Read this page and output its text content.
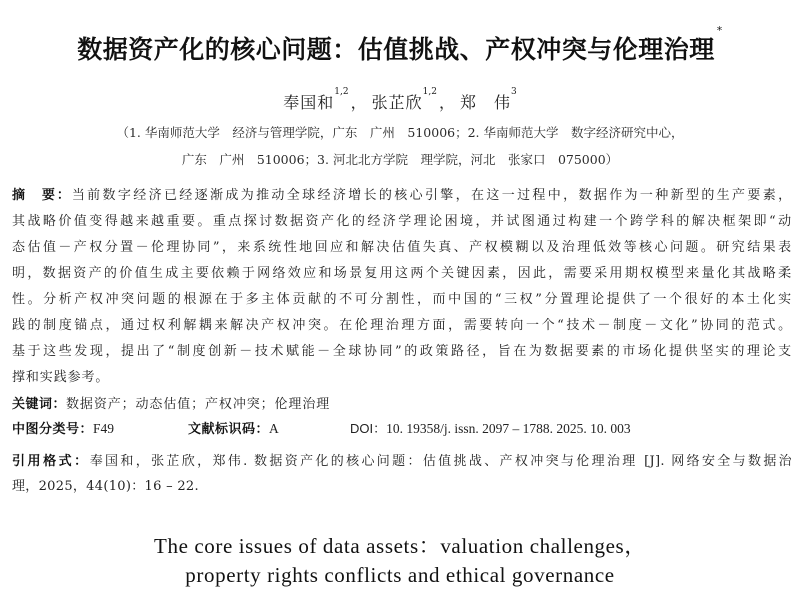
数据资产化的核心问题：估值挑战、产权冲突与伦理治理*
奉国和$^{1,2}$， 张芷欣$^{1,2}$， 郑　伟$^3$
（1. 华南师范大学　经济与管理学院，广东　广州　510006；2. 华南师范大学　数字经济研究中心，
广东　广州　510006；3. 河北北方学院　理学院，河北　张家口　075000）
摘　要：当前数字经济已经逐渐成为推动全球经济增长的核心引擎，在这一过程中，数据作为一种新型的生产要素，
其战略价值变得越来越重要。重点探讨数据资产化的经济学理论困境，并试图通过构建一个跨学科的解决框架即“动
态估值－产权分置－伦理协同”，来系统性地回应和解决估值失真、产权模糊以及治理低效等核心问题。研究结果表
明，数据资产的价值生成主要依赖于网络效应和场景复用这两个关键因素，因此，需要采用期权模型来量化其战略柔
性。分析产权冲突问题的根源在于多主体贡献的不可分割性，而中国的“三权”分置理论提供了一个很好的本土化实
践的制度锚点，通过权利解耦来解决产权冲突。在伦理治理方面，需要转向一个“技术－制度－文化”协同的范式。
基于这些发现，提出了“制度创新－技术赋能－全球协同”的政策路径，旨在为数据要素的市场化提供坚实的理论支
撑和实践参考。
关键词：数据资产；动态估值；产权冲突；伦理治理
中图分类号：F49	文献标识码：A	DOI：10. 19358/j. issn. 2097 – 1788. 2025. 10. 003
引用格式：奉国和，张芷欣，郑伟. 数据资产化的核心问题：估值挑战、产权冲突与伦理治理 [J]. 网络安全与数据治
理，2025，44(10)：16 – 22.
The core issues of data assets：valuation challenges，
property rights conflicts and ethical governance
